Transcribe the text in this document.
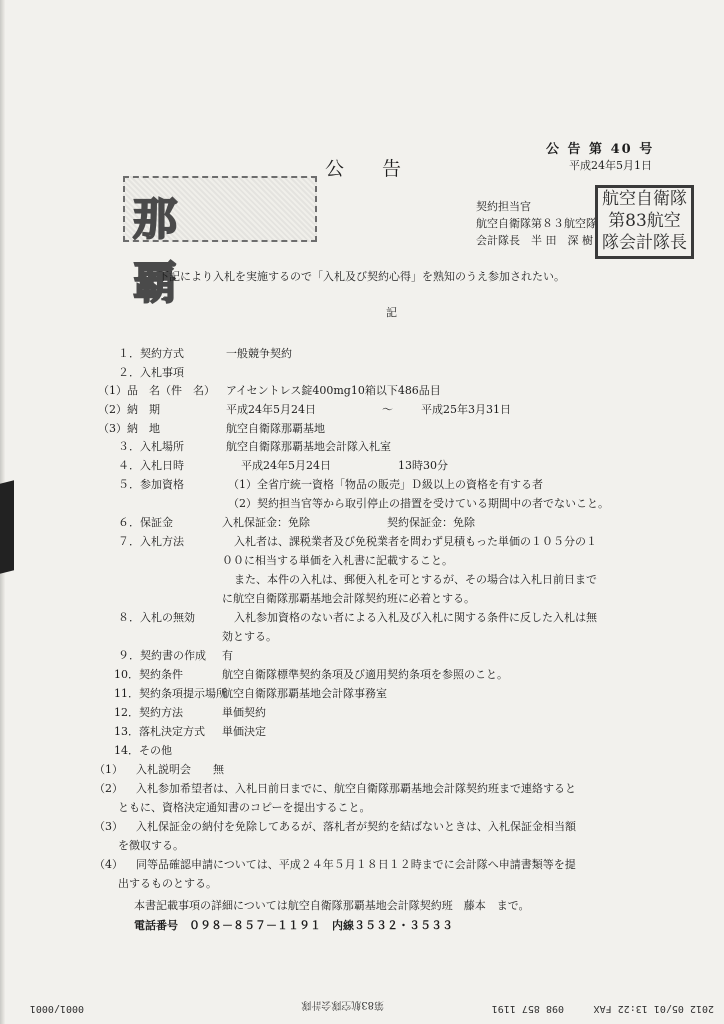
公 告 第 40 号
公　　告	平成24年5月1日
那　覇
契約担当官
航空自衛隊第８３航空隊
会計隊長　半 田　深 樹
航空自衛隊
第83航空
隊会計隊長
下記により入札を実施するので「入札及び契約心得」を熟知のうえ参加されたい。
記
１．契約方式	一般競争契約
２．入札事項
（1）品　名（件　名） アイセントレス錠400mg10箱以下486品目
（2）納　期	平成24年5月24日	～	平成25年3月31日
（3）納　地	航空自衛隊那覇基地
３．入札場所	航空自衛隊那覇基地会計隊入札室
４．入札日時	平成24年5月24日	13時30分
５．参加資格	（1）全省庁統一資格「物品の販売」Ｄ級以上の資格を有する者
（2）契約担当官等から取引停止の措置を受けている期間中の者でないこと。
６．保証金	入札保証金：免除	契約保証金：免除
７．入札方法	入札者は、課税業者及び免税業者を問わず見積もった単価の１０５分の１
００に相当する単価を入札書に記載すること。
また、本件の入札は、郵便入札を可とするが、その場合は入札日前日まで
に航空自衛隊那覇基地会計隊契約班に必着とする。
８．入札の無効	入札参加資格のない者による入札及び入札に関する条件に反した入札は無
効とする。
９．契約書の作成 有
10．契約条件	航空自衛隊標準契約条項及び適用契約条項を参照のこと。
11．契約条項提示場所
航空自衛隊那覇基地会計隊事務室
12．契約方法	単価契約
13．落札決定方式 単価決定
14．その他
（1） 入札説明会　　無
（2） 入札参加希望者は、入札日前日までに、航空自衛隊那覇基地会計隊契約班まで連絡すると
ともに、資格決定通知書のコピーを提出すること。
（3） 入札保証金の納付を免除してあるが、落札者が契約を結ばないときは、入札保証金相当額
を徴収する。
（4） 同等品確認申請については、平成２４年５月１８日１２時までに会計隊へ申請書類等を提
出するものとする。
本書記載事項の詳細については航空自衛隊那覇基地会計隊契約班　藤本　まで。
電話番号　０９８－８５７－１１９１　内線３５３２・３５３３
2012 05/01 13:22 FAX
098 857 1191
第83航空隊会計隊
0001/0001
